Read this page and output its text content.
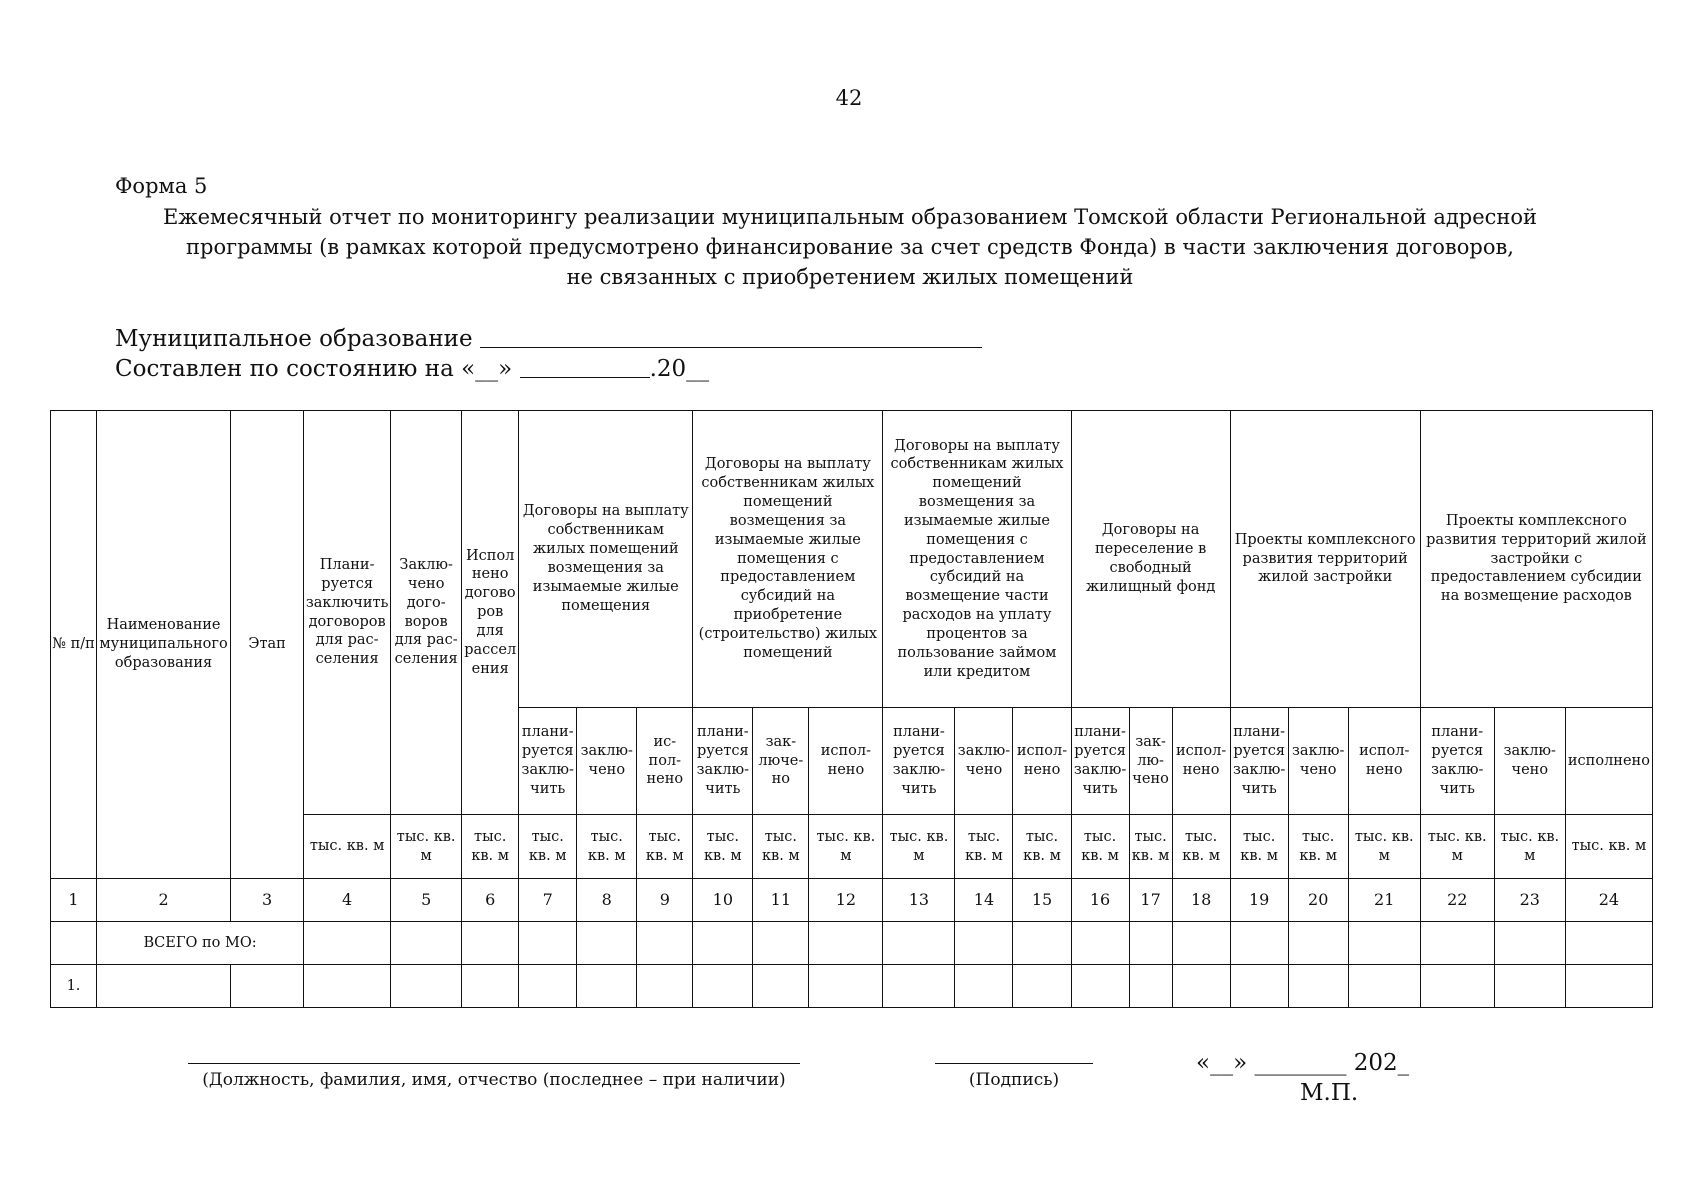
42
Форма 5
Ежемесячный отчет по мониторингу реализации муниципальным образованием Томской области Региональной адресной
программы (в рамках которой предусмотрено финансирование за счет средств Фонда) в части заключения договоров,
не связанных с приобретением жилых помещений
Муниципальное образование
Составлен по состоянию на «__»	.20__
№ п/п	Наименование муниципального образования	Этап	Плани-руется заключить договоров для рас-селения	Заклю-чено дого-воров для рас-селения	Испол нено догово ров для рассел ения	Договоры на выплату собственникам жилых помещений возмещения за изымаемые жилые помещения			Договоры на выплату собственникам жилых помещений возмещения за изымаемые жилые помещения с предоставлением субсидий на приобретение (строительство) жилых помещений			Договоры на выплату собственникам жилых помещений возмещения за изымаемые жилые помещения с предоставлением субсидий на возмещение части расходов на уплату процентов за пользование займом или кредитом			Договоры на переселение в свободный жилищный фонд			Проекты комплексного развития территорий жилой застройки			Проекты комплексного развития территорий жилой застройки с предоставлением субсидии на возмещение расходов		
						плани-руется заклю-чить	заклю-чено	ис-пол-нено	плани-руется заклю-чить	зак-люче-но	испол-нено	плани-руется заклю-чить	заклю-чено	испол-нено	плани-руется заклю-чить	зак-лю-чено	испол-нено	плани-руется заклю-чить	заклю-чено	испол-нено	плани-руется заклю-чить	заклю-чено	исполнено
			тыс. кв. м	тыс. кв. м	тыс. кв. м	тыс. кв. м	тыс. кв. м	тыс. кв. м	тыс. кв. м	тыс. кв. м	тыс. кв. м	тыс. кв. м	тыс. кв. м	тыс. кв. м	тыс. кв. м	тыс. кв. м	тыс. кв. м	тыс. кв. м	тыс. кв. м	тыс. кв. м	тыс. кв. м	тыс. кв. м	тыс. кв. м
1	2	3	4	5	6	7	8	9	10	11	12	13	14	15	16	17	18	19	20	21	22	23	24
	ВСЕГО по МО:																						
1.																							
(Должность, фамилия, имя, отчество (последнее – при наличии)	(Подпись)
«__» ________ 202_
М.П.
